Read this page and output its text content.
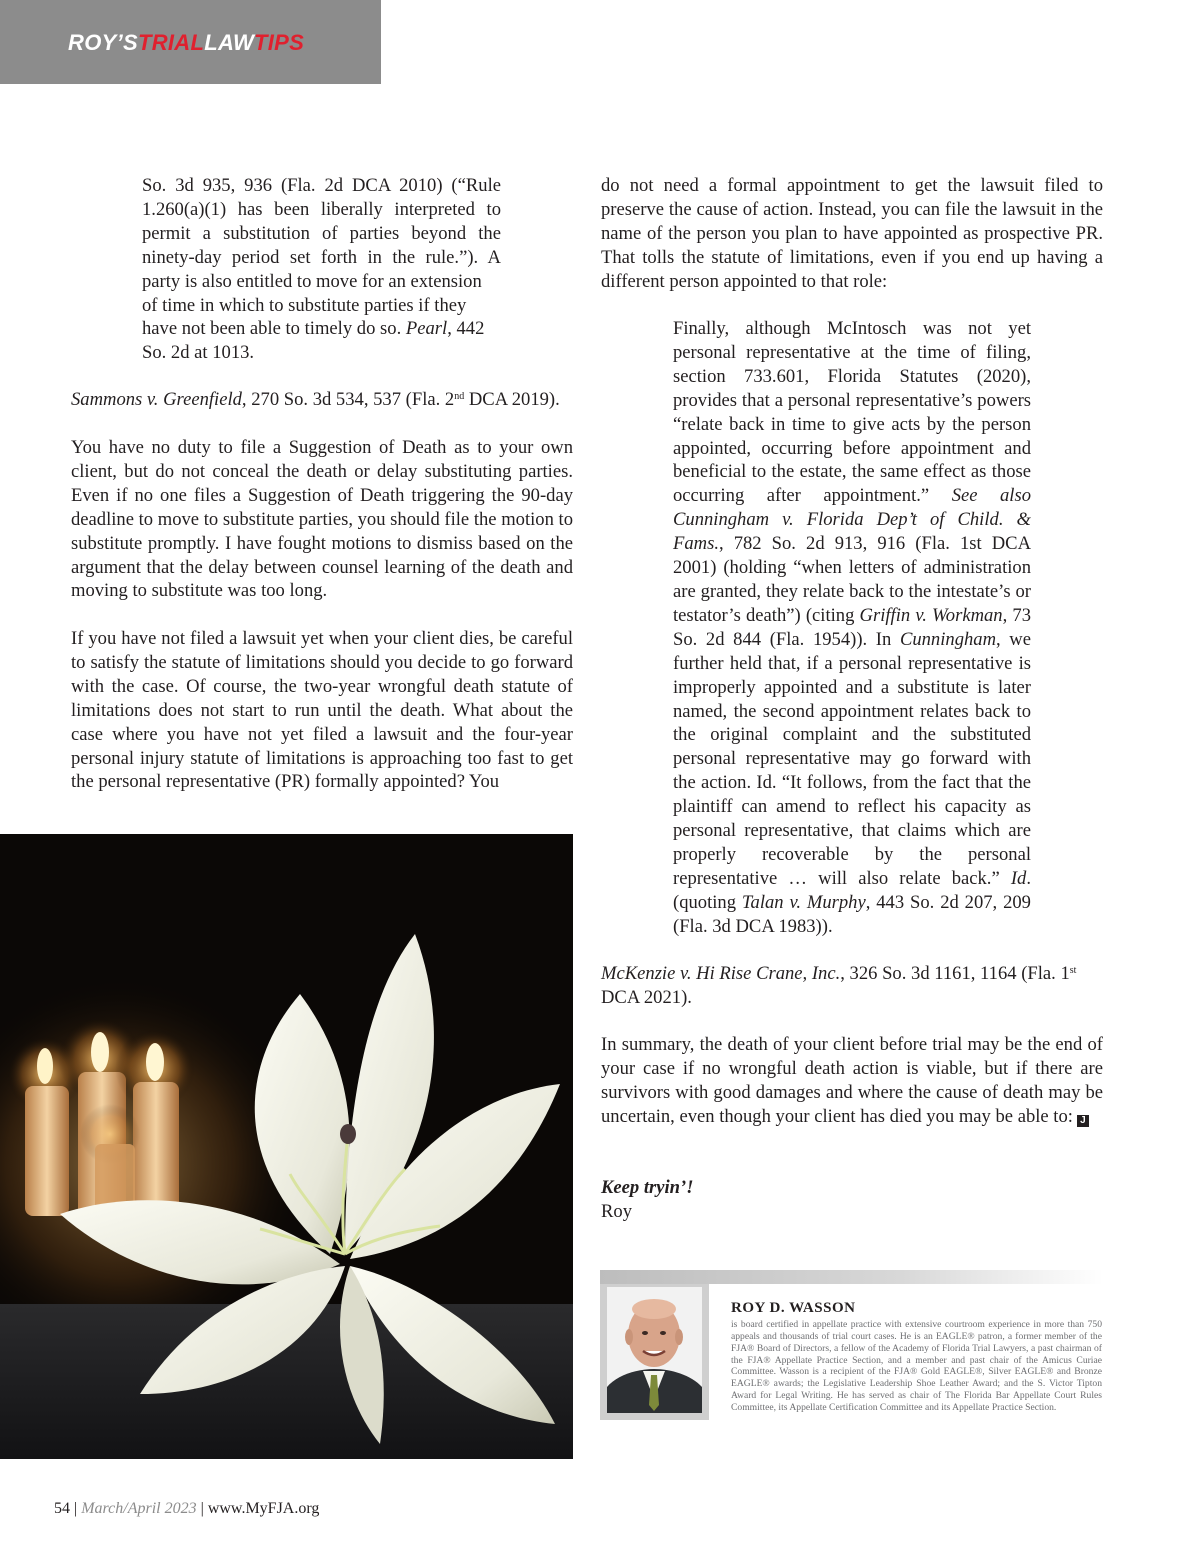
ROY’STRIALLAWTIPS
So. 3d 935, 936 (Fla. 2d DCA 2010) (“Rule
1.260(a)(1) has been liberally interpreted to
permit a substitution of parties beyond the
ninety-day period set forth in the rule.”). A
party is also entitled to move for an extension
of time in which to substitute parties if they
have not been able to timely do so. Pearl, 442
So. 2d at 1013.
Sammons v. Greenfield, 270 So. 3d 534, 537 (Fla. 2nd DCA 2019).

You have no duty to file a Suggestion of Death as to your own client, but do not conceal the death or delay substituting parties. Even if no one files a Suggestion of Death triggering the 90-day deadline to move to substitute parties, you should file the motion to substitute promptly. I have fought motions to dismiss based on the argument that the delay between counsel learning of the death and moving to substitute was too long.

If you have not filed a lawsuit yet when your client dies, be careful to satisfy the statute of limitations should you decide to go forward with the case. Of course, the two-year wrongful death statute of limitations does not start to run until the death. What about the case where you have not yet filed a lawsuit and the four-year personal injury statute of limitations is approaching too fast to get the personal representative (PR) formally appointed? You

do not need a formal appointment to get the lawsuit filed to preserve the cause of action. Instead, you can file the lawsuit in the name of the person you plan to have appointed as prospective PR. That tolls the statute of limitations, even if you end up having a different person appointed to that role:

Finally, although McIntosch was not yet personal representative at the time of filing, section 733.601, Florida Statutes (2020), provides that a personal representative’s powers “relate back in time to give acts by the person appointed, occurring before appointment and beneficial to the estate, the same effect as those occurring after appointment.” See also Cunningham v. Florida Dep’t of Child. & Fams., 782 So. 2d 913, 916 (Fla. 1st DCA 2001) (holding “when letters of administration are granted, they relate back to the intestate’s or testator’s death”) (citing Griffin v. Workman, 73 So. 2d 844 (Fla. 1954)). In Cunningham, we further held that, if a personal representative is improperly appointed and a substitute is later named, the second appointment relates back to the original complaint and the substituted personal representative may go forward with the action. Id. “It follows, from the fact that the plaintiff can amend to reflect his capacity as personal representative, that claims which are properly recoverable by the personal representative … will also relate back.” Id. (quoting Talan v. Murphy, 443 So. 2d 207, 209 (Fla. 3d DCA 1983)).

McKenzie v. Hi Rise Crane, Inc., 326 So. 3d 1161, 1164 (Fla. 1st DCA 2021).

In summary, the death of your client before trial may be the end of your case if no wrongful death action is viable, but if there are survivors with good damages and where the cause of death may be uncertain, even though your client has died you may be able to: J

Keep tryin’!

Roy

ROY D. WASSON

is board certified in appellate practice with extensive courtroom experience in more than 750 appeals and thousands of trial court cases. He is an EAGLE® patron, a former member of the FJA® Board of Directors, a fellow of the Academy of Florida Trial Lawyers, a past chairman of the FJA® Appellate Practice Section, and a member and past chair of the Amicus Curiae Committee. Wasson is a recipient of the FJA® Gold EAGLE®, Silver EAGLE® and Bronze EAGLE® awards; the Legislative Leadership Shoe Leather Award; and the S. Victor Tipton Award for Legal Writing. He has served as chair of The Florida Bar Appellate Court Rules Committee, its Appellate Certification Committee and its Appellate Practice Section.

54 | March/April 2023 | www.MyFJA.org
